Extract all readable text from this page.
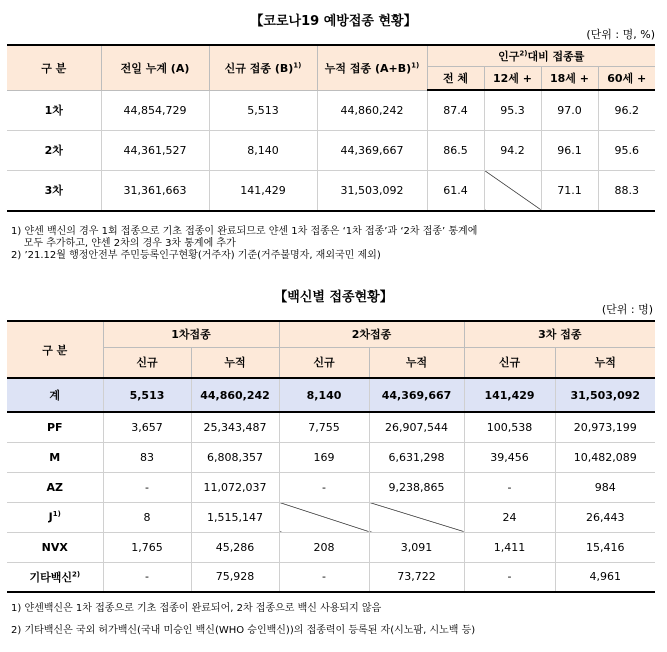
【코로나19 예방접종 현황】
(단위 : 명, %)
구 분	전일 누계 (A)	신규 접종 $(B)^{1)}$	누적 접종 $(A+B)^{1)}$	인구$^{2)}$대비 접종률			
				전 체	12세 +	18세 +	60세 +
1차	44,854,729	5,513	44,860,242	87.4	95.3	97.0	96.2
2차	44,361,527	8,140	44,369,667	86.5	94.2	96.1	95.6
3차	31,361,663	141,429	31,503,092	61.4		71.1	88.3
1) 얀센 백신의 경우 1회 접종으로 기초 접종이 완료되므로 얀센 1차 접종은 ‘1차 접종’과 ‘2차 접종’ 통계에
모두 추가하고, 얀센 2차의 경우 3차 통계에 추가
2) ’21.12월 행정안전부 주민등록인구현황(거주자) 기준(거주불명자, 재외국민 제외)
【백신별 접종현황】
(단위 : 명)
구 분	1차접종		2차접종		3차 접종	
	신규	누적	신규	누적	신규	누적
계	5,513	44,860,242	8,140	44,369,667	141,429	31,503,092
PF	3,657	25,343,487	7,755	26,907,544	100,538	20,973,199
M	83	6,808,357	169	6,631,298	39,456	10,482,089
AZ	-	11,072,037	-	9,238,865	-	984
$J^{1)}$	8	1,515,147			24	26,443
NVX	1,765	45,286	208	3,091	1,411	15,416
기타백신$^{2)}$	-	75,928	-	73,722	-	4,961
1) 얀센백신은 1차 접종으로 기초 접종이 완료되어, 2차 접종으로 백신 사용되지 않음
2) 기타백신은 국외 허가백신(국내 미승인 백신(WHO 승인백신))의 접종력이 등록된 자(시노팜, 시노백 등)
